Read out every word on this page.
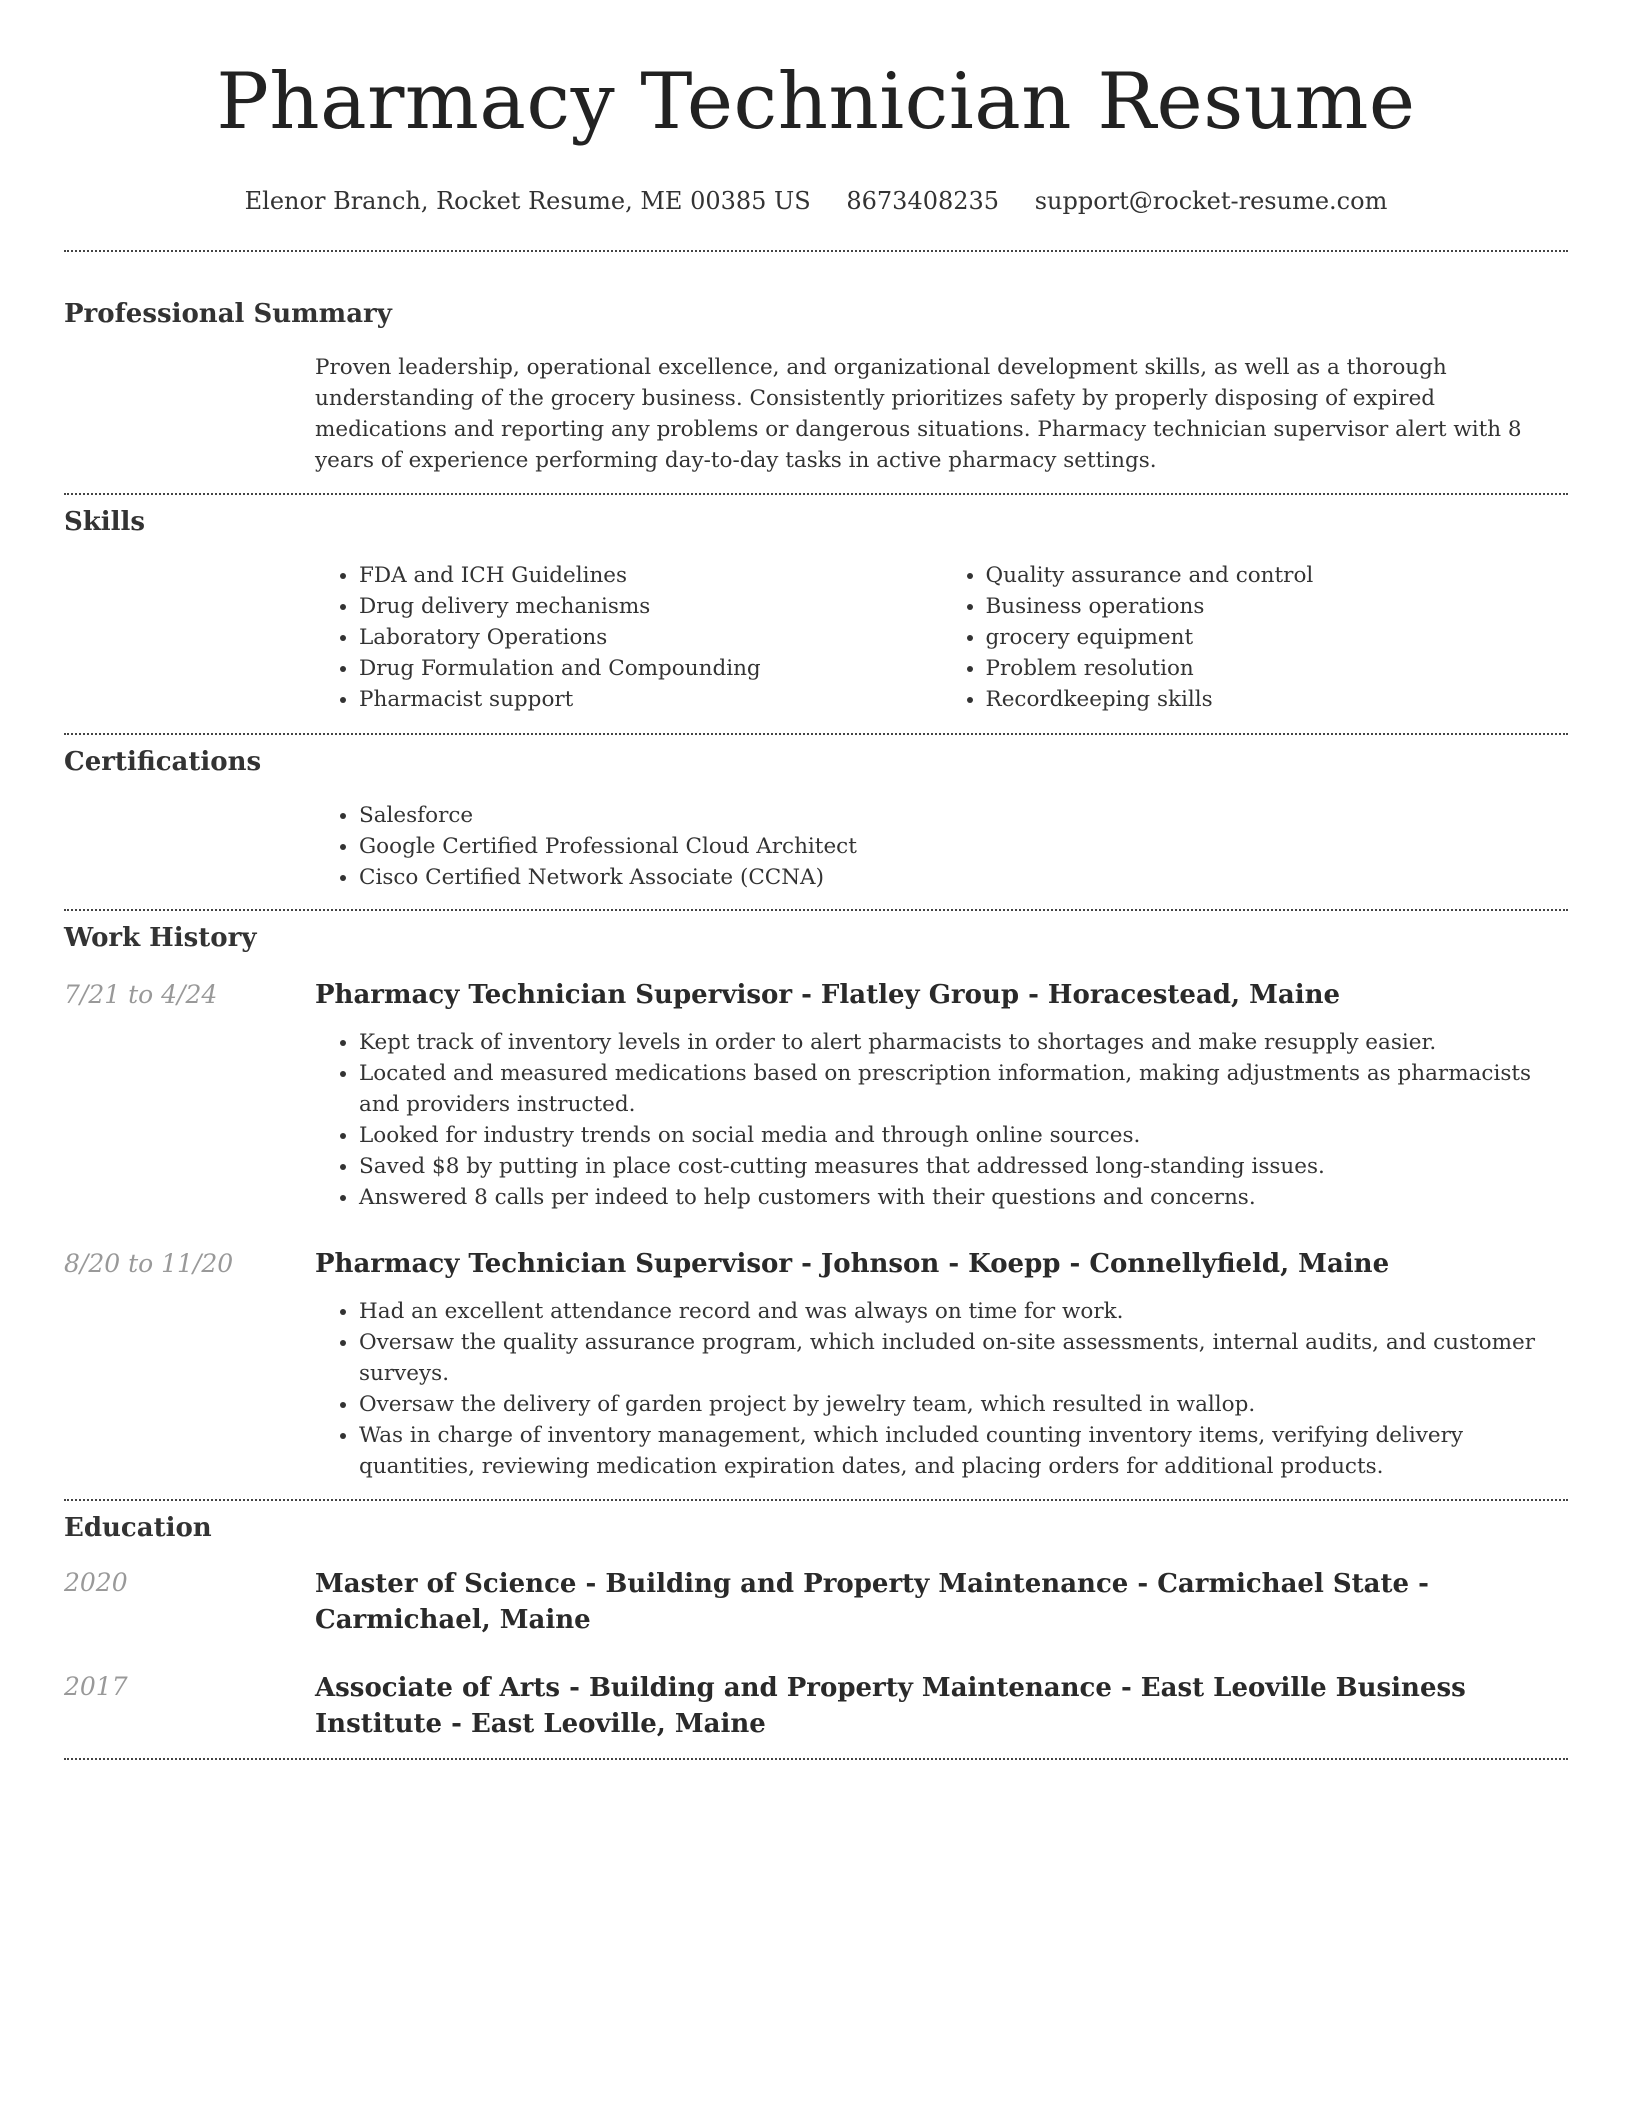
Pharmacy Technician Resume
Elenor Branch, Rocket Resume, ME 00385 US 8673408235 support@rocket-resume.com
Professional Summary

Proven leadership, operational excellence, and organizational development skills, as well as a thorough understanding of the grocery business. Consistently prioritizes safety by properly disposing of expired medications and reporting any problems or dangerous situations. Pharmacy technician supervisor alert with 8 years of experience performing day-to-day tasks in active pharmacy settings.

Skills
• FDA and ICH Guidelines
• Drug delivery mechanisms
• Laboratory Operations
• Drug Formulation and Compounding
• Pharmacist support
• Quality assurance and control
• Business operations
• grocery equipment
• Problem resolution
• Recordkeeping skills
Certifications
• Salesforce
• Google Certified Professional Cloud Architect
• Cisco Certified Network Associate (CCNA)
Work History
7/21 to 4/24	Pharmacy Technician Supervisor - Flatley Group - Horacestead, Maine
• Kept track of inventory levels in order to alert pharmacists to shortages and make resupply easier.
• Located and measured medications based on prescription information, making adjustments as pharmacists and providers instructed.
• Looked for industry trends on social media and through online sources.
• Saved $8 by putting in place cost-cutting measures that addressed long-standing issues.
• Answered 8 calls per indeed to help customers with their questions and concerns.
8/20 to 11/20	Pharmacy Technician Supervisor - Johnson - Koepp - Connellyfield, Maine
• Had an excellent attendance record and was always on time for work.
• Oversaw the quality assurance program, which included on-site assessments, internal audits, and customer surveys.
• Oversaw the delivery of garden project by jewelry team, which resulted in wallop.
• Was in charge of inventory management, which included counting inventory items, verifying delivery quantities, reviewing medication expiration dates, and placing orders for additional products.
Education
2020	Master of Science - Building and Property Maintenance - Carmichael State - Carmichael, Maine
2017	Associate of Arts - Building and Property Maintenance - East Leoville Business Institute - East Leoville, Maine
